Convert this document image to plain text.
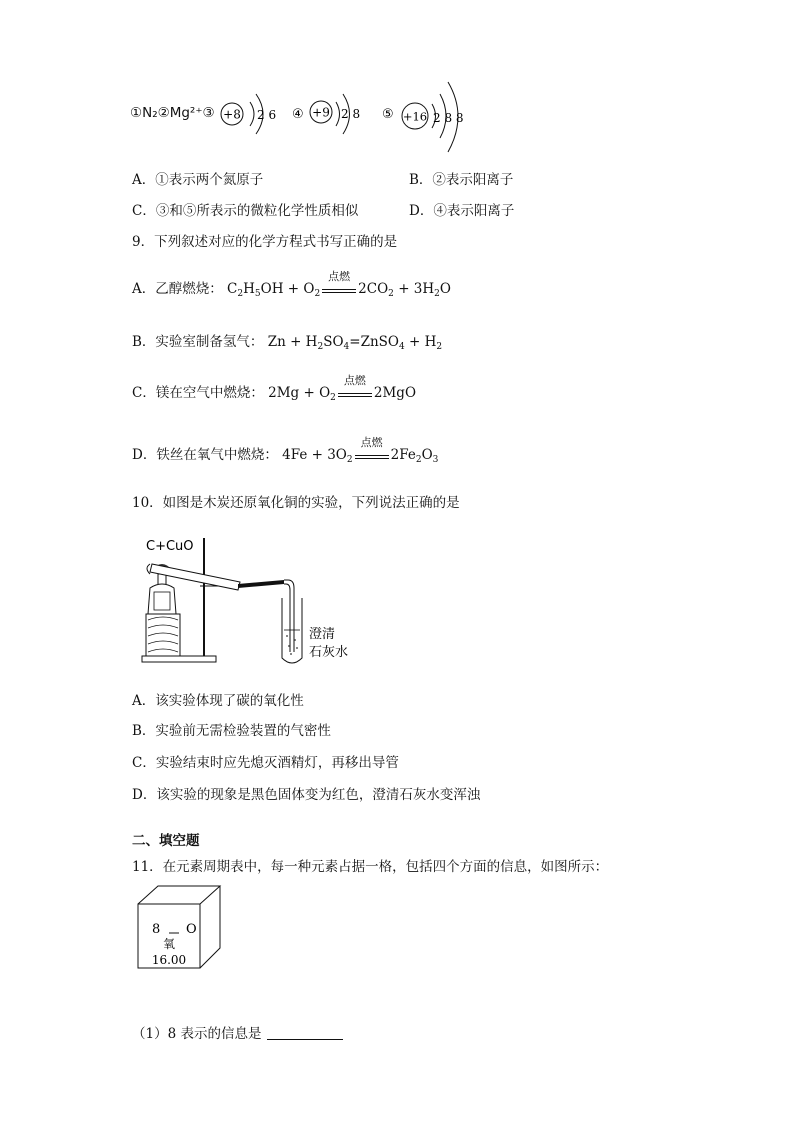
①N₂②Mg²⁺③ +8 2 6 ④ +9 2 8 ⑤ +16 2 8 8
A．①表示两个氮原子	B．②表示阳离子
C．③和⑤所表示的微粒化学性质相似	D．④表示阳离子
9．下列叙述对应的化学方程式书写正确的是
A．乙醇燃烧： $C_2H_5OH + O_2$
点燃
$2CO_2 + 3H_2O$
B．实验室制备氢气： $Zn + H_2SO_4=ZnSO_4 + H_2$
C．镁在空气中燃烧： $2Mg + O_2$
点燃
2MgO
D．铁丝在氧气中燃烧： $4Fe + 3O_2$
点燃
$2Fe_2O_3$
10．如图是木炭还原氧化铜的实验，下列说法正确的是
C+CuO
澄清
石灰水
A．该实验体现了碳的氧化性
B．实验前无需检验装置的气密性
C．实验结束时应先熄灭酒精灯，再移出导管
D．该实验的现象是黑色固体变为红色，澄清石灰水变浑浊
二、填空题
11．在元素周期表中，每一种元素占据一格，包括四个方面的信息，如图所示：
8 O
氧
16.00
（1）8 表示的信息是
